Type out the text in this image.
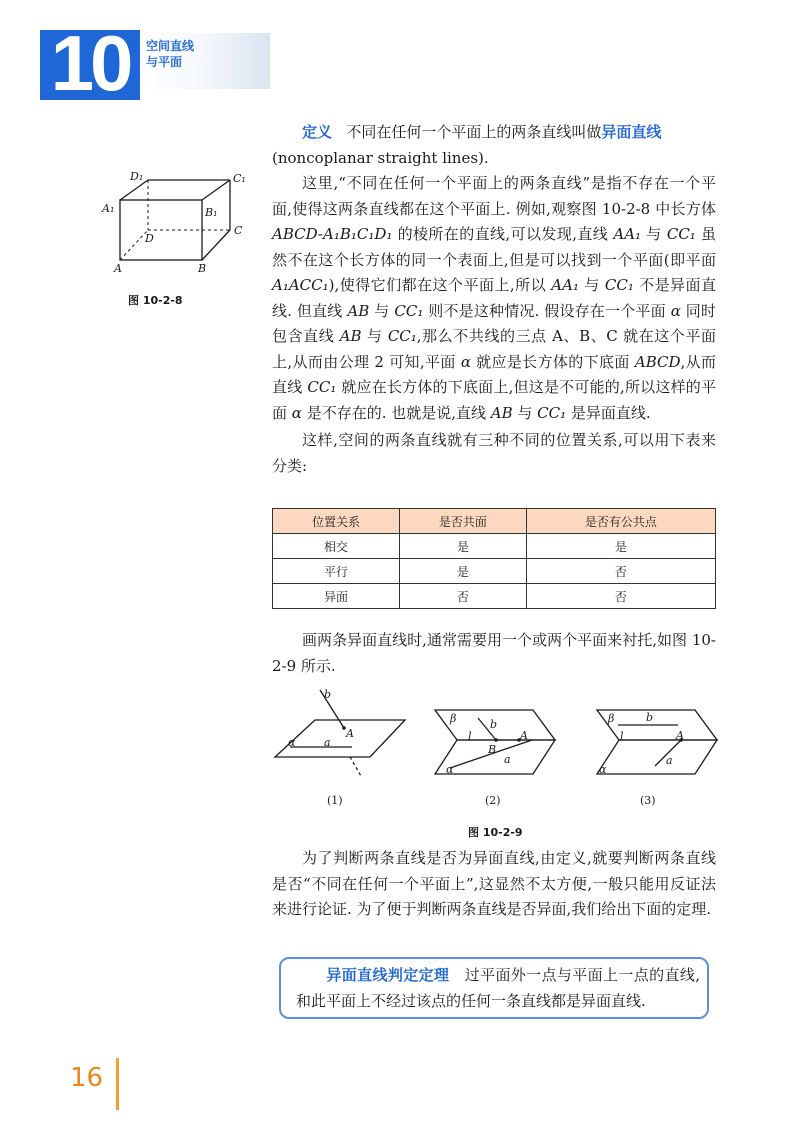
10	空间直线
与平面
D₁	C₁
A₁	B₁
D
C
A	B
图 10-2-8

定义 不同在任何一个平面上的两条直线叫做异面直线

(noncoplanar straight lines).

这里,“不同在任何一个平面上的两条直线”是指不存在一个平面,使得这两条直线都在这个平面上. 例如,观察图 10-2-8 中长方体 ABCD-A₁B₁C₁D₁ 的棱所在的直线,可以发现,直线 AA₁ 与 CC₁ 虽然不在这个长方体的同一个表面上,但是可以找到一个平面(即平面 A₁ACC₁),使得它们都在这个平面上,所以 AA₁ 与 CC₁ 不是异面直线. 但直线 AB 与 CC₁ 则不是这种情况. 假设存在一个平面 α 同时包含直线 AB 与 CC₁,那么不共线的三点 A、B、C 就在这个平面上,从而由公理 2 可知,平面 α 就应是长方体的下底面 ABCD,从而直线 CC₁ 就应在长方体的下底面上,但这是不可能的,所以这样的平面 α 是不存在的. 也就是说,直线 AB 与 CC₁ 是异面直线.

这样,空间的两条直线就有三种不同的位置关系,可以用下表来分类:

位置关系	是否共面	是否有公共点
相交	是	是
平行	是	否
异面	否	否

画两条异面直线时,通常需要用一个或两个平面来衬托,如图 10-2-9 所示.

b
A
α	a
β	b
l	A
B
α
a
β	b
l	A
α
a
(1)	(2)	(3)
图 10-2-9

为了判断两条直线是否为异面直线,由定义,就要判断两条直线是否“不同在任何一个平面上”,这显然不太方便,一般只能用反证法来进行论证. 为了便于判断两条直线是否异面,我们给出下面的定理.

异面直线判定定理 过平面外一点与平面上一点的直线,和此平面上不经过该点的任何一条直线都是异面直线.
16
